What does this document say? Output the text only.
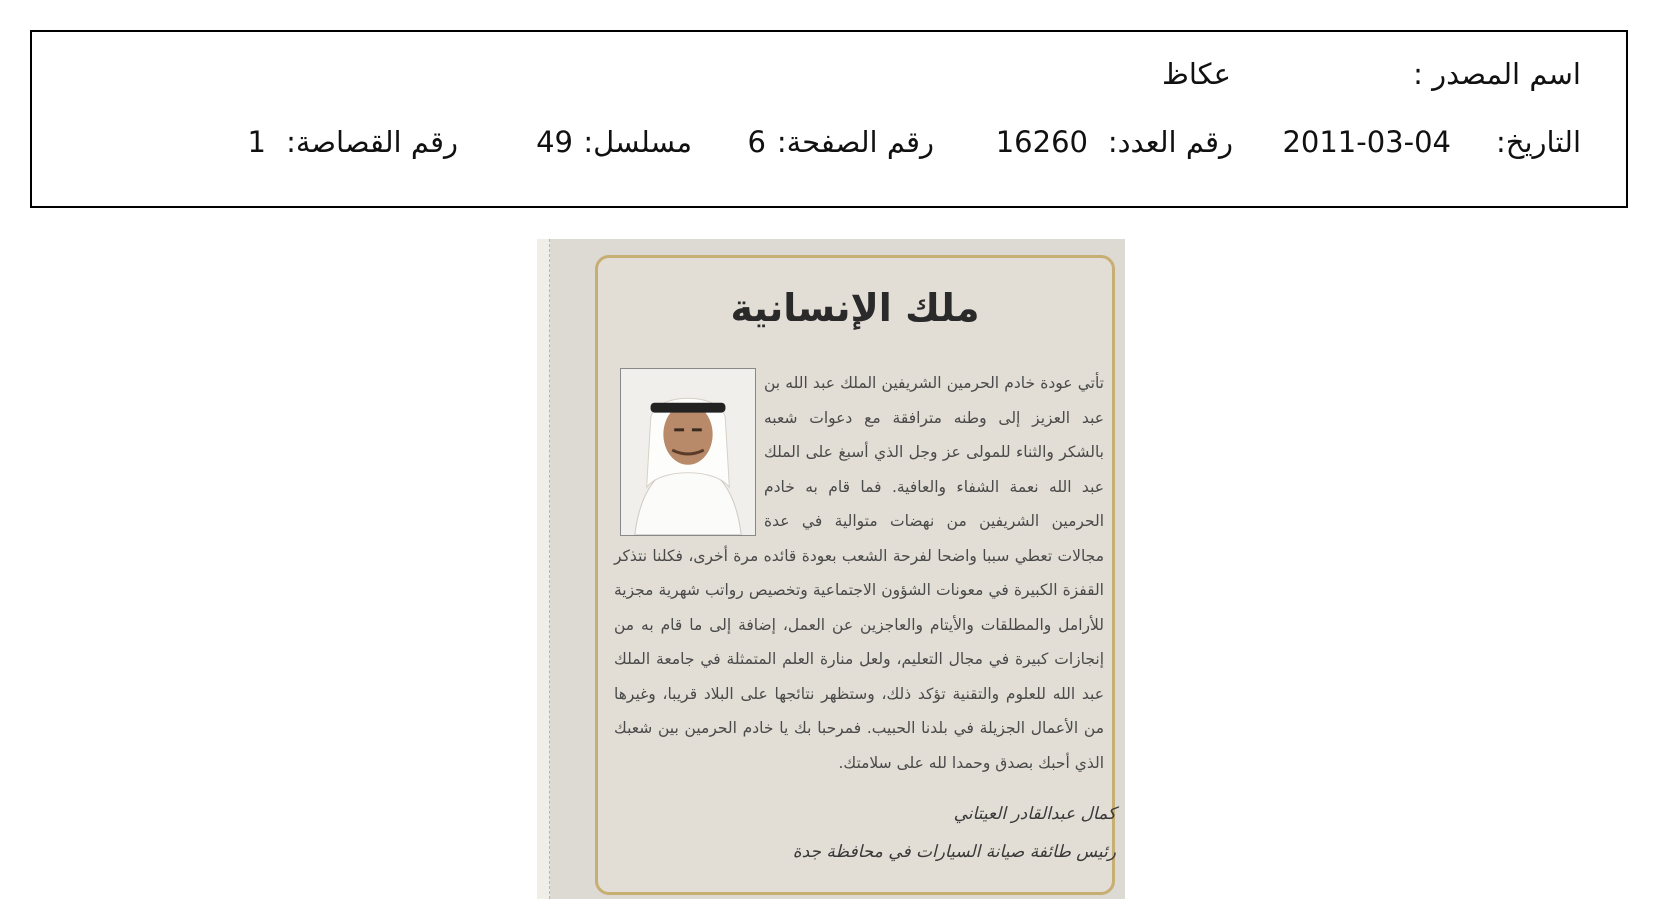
اسم المصدر :
عكاظ
التاريخ:
2011-03-04
رقم العدد:
16260
رقم الصفحة:
6
مسلسل:
49
رقم القصاصة:
1
ملك الإنسانية
تأتي عودة خادم الحرمين الشريفين الملك عبد الله بن عبد العزيز إلى وطنه مترافقة مع دعوات شعبه بالشكر والثناء للمولى عز وجل الذي أسبغ على الملك عبد الله نعمة الشفاء والعافية. فما قام به خادم الحرمين الشريفين من نهضات متوالية في عدة مجالات تعطي سببا واضحا لفرحة الشعب بعودة قائده مرة أخرى، فكلنا نتذكر القفزة الكبيرة في معونات الشؤون الاجتماعية وتخصيص رواتب شهرية مجزية للأرامل والمطلقات والأيتام والعاجزين عن العمل، إضافة إلى ما قام به من إنجازات كبيرة في مجال التعليم، ولعل منارة العلم المتمثلة في جامعة الملك عبد الله للعلوم والتقنية تؤكد ذلك، وستظهر نتائجها على البلاد قريبا، وغيرها من الأعمال الجزيلة في بلدنا الحبيب. فمرحبا بك يا خادم الحرمين بين شعبك الذي أحبك بصدق وحمدا لله على سلامتك.
كمال عبدالقادر العيتاني
رئيس طائفة صيانة السيارات في محافظة جدة
